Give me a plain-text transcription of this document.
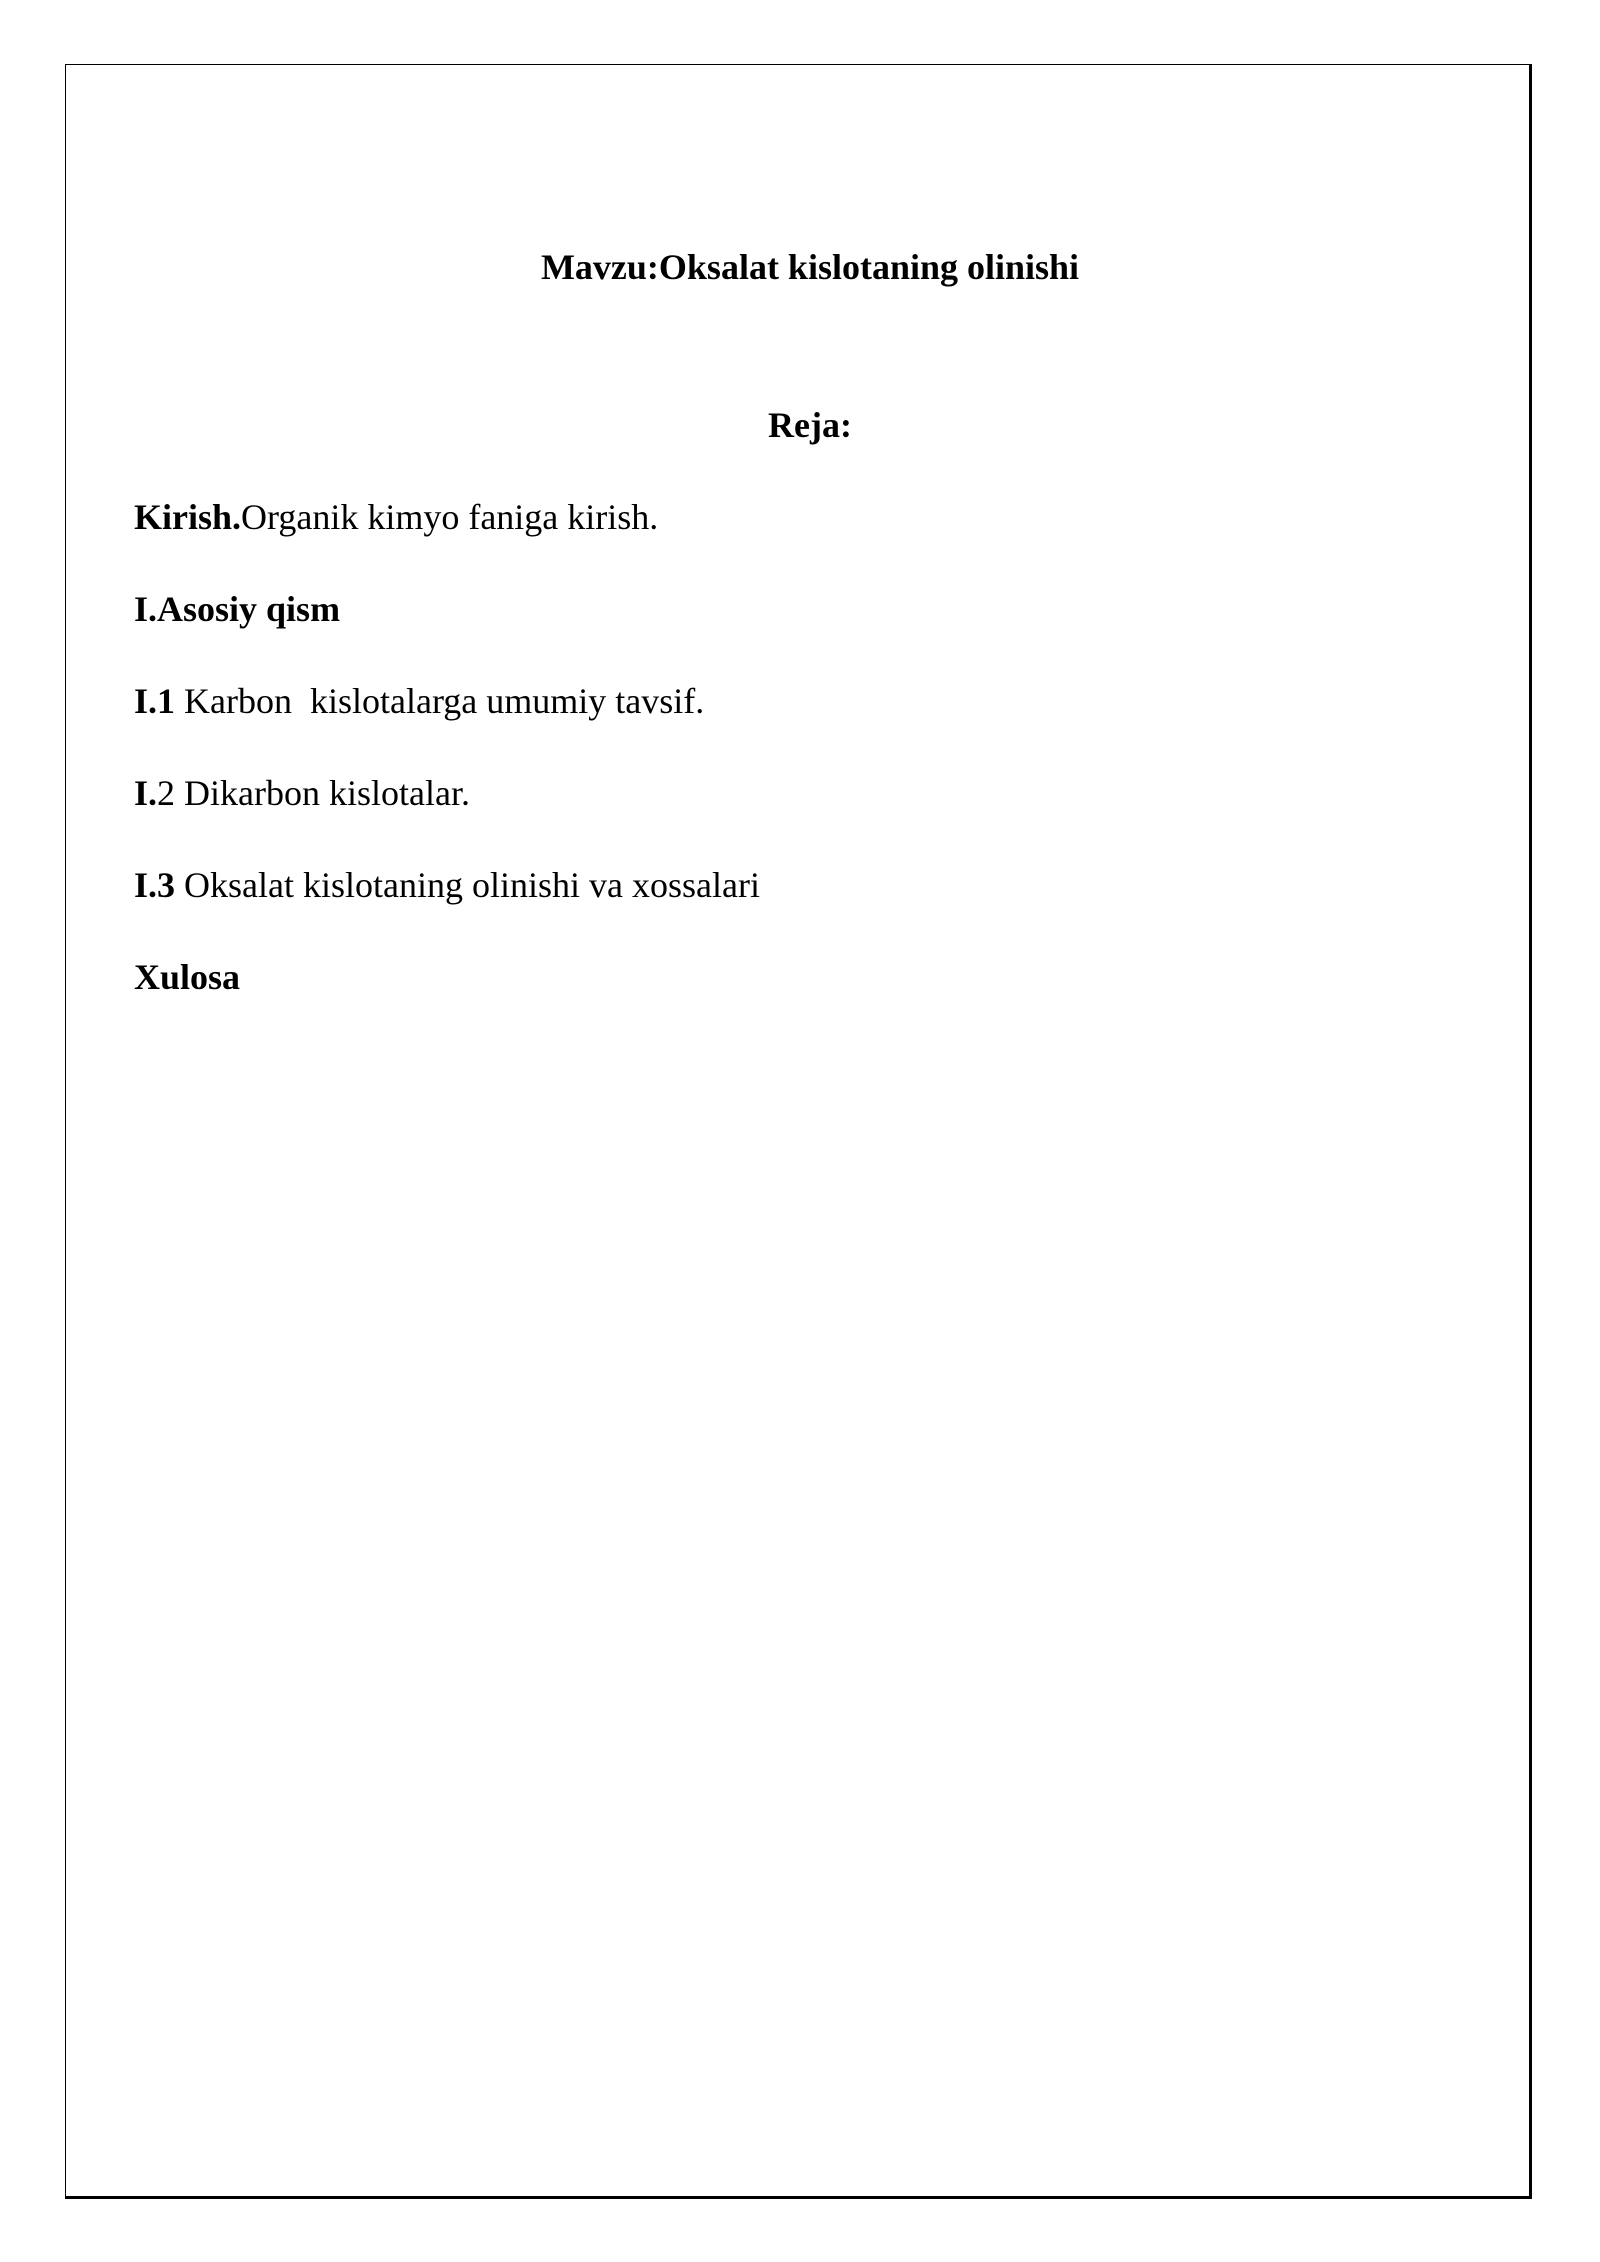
Mavzu:Oksalat kislotaning olinishi
Reja:
Kirish.Organik kimyo faniga kirish.
I.Asosiy qism
I.1 Karbon  kislotalarga umumiy tavsif.
I.2 Dikarbon kislotalar.
I.3 Oksalat kislotaning olinishi va xossalari
Xulosa
